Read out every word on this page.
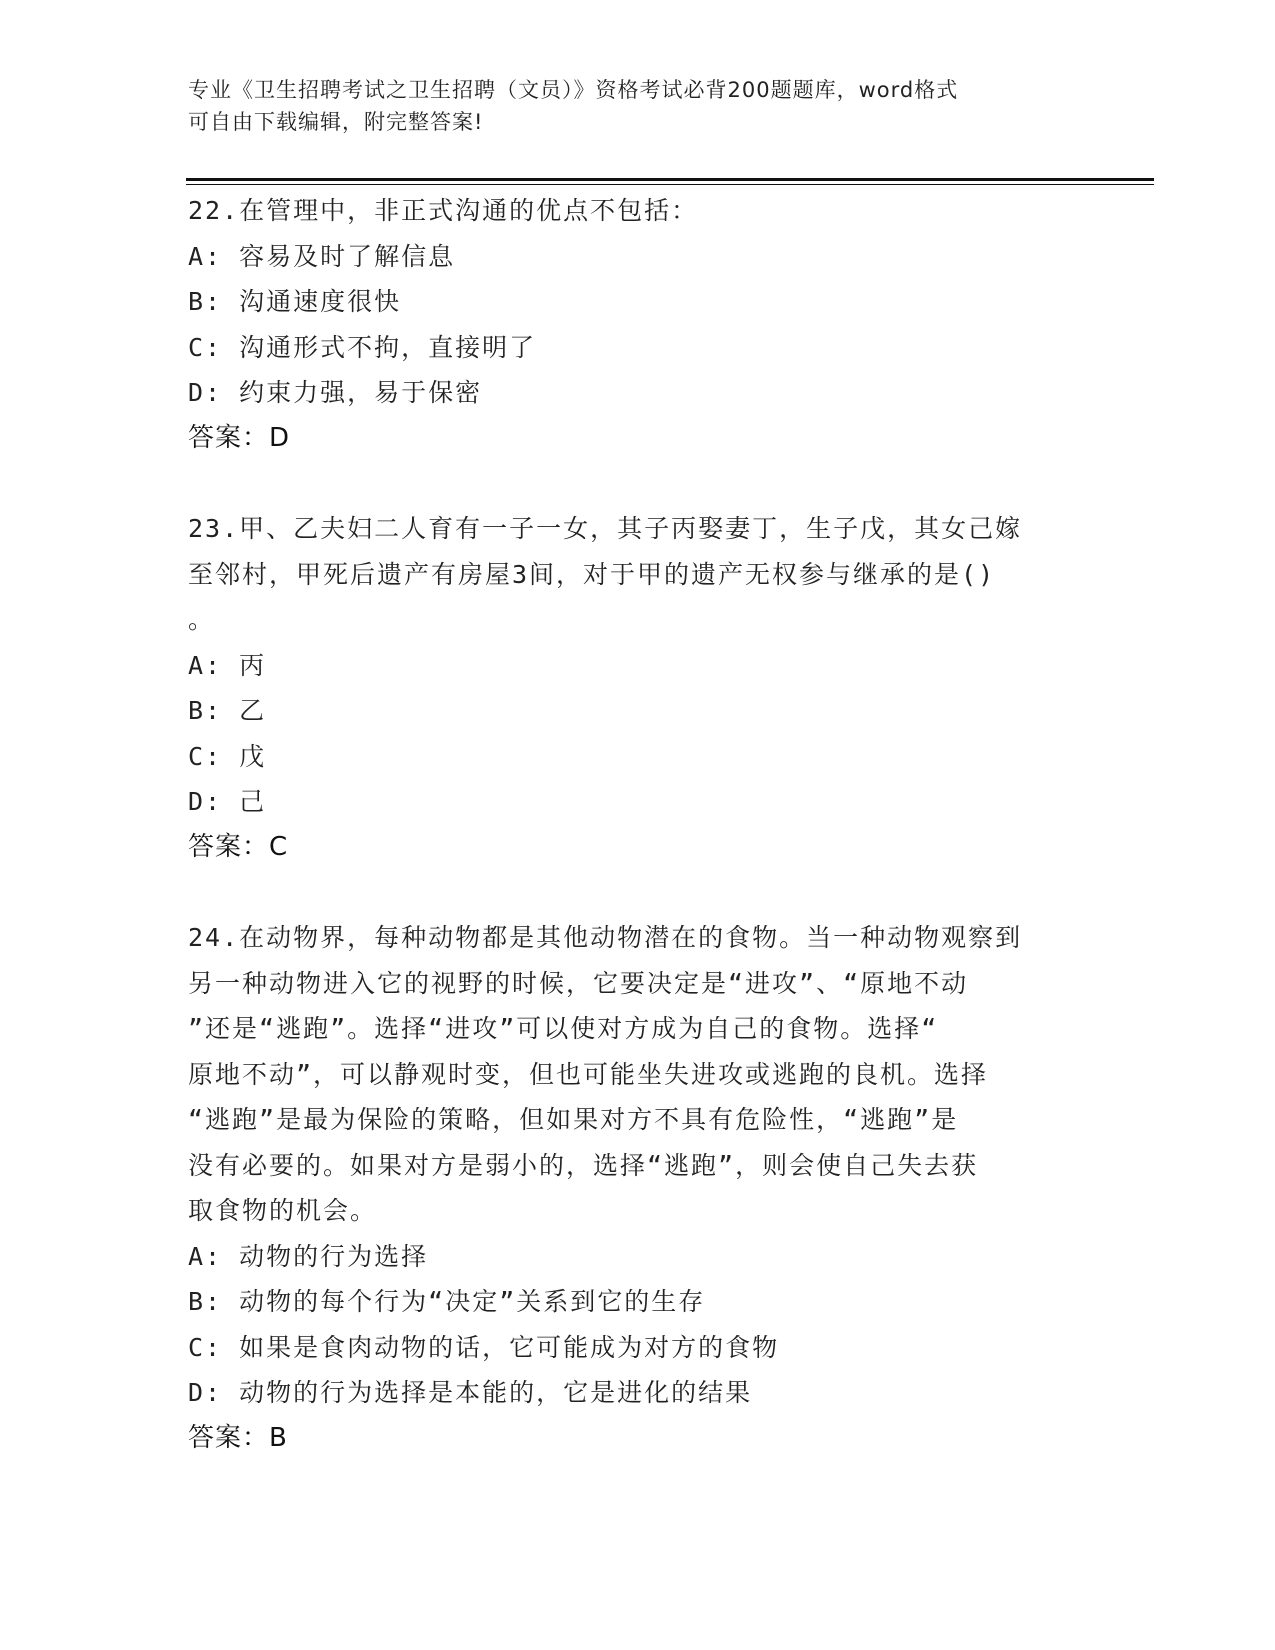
专业《卫生招聘考试之卫生招聘（文员）》资格考试必背200题题库，word格式
可自由下载编辑，附完整答案!
22.在管理中，非正式沟通的优点不包括：
A: 容易及时了解信息
B: 沟通速度很快
C: 沟通形式不拘，直接明了
D: 约束力强，易于保密
答案：D
23.甲、乙夫妇二人育有一子一女，其子丙娶妻丁，生子戊，其女己嫁
至邻村，甲死后遗产有房屋3间，对于甲的遗产无权参与继承的是()
。
A: 丙
B: 乙
C: 戊
D: 己
答案：C
24.在动物界，每种动物都是其他动物潜在的食物。当一种动物观察到
另一种动物进入它的视野的时候，它要决定是“进攻”、“原地不动
”还是“逃跑”。选择“进攻”可以使对方成为自己的食物。选择“
原地不动”，可以静观时变，但也可能坐失进攻或逃跑的良机。选择
“逃跑”是最为保险的策略，但如果对方不具有危险性，“逃跑”是
没有必要的。如果对方是弱小的，选择“逃跑”，则会使自己失去获
取食物的机会。
A: 动物的行为选择
B: 动物的每个行为“决定”关系到它的生存
C: 如果是食肉动物的话，它可能成为对方的食物
D: 动物的行为选择是本能的，它是进化的结果
答案：B
